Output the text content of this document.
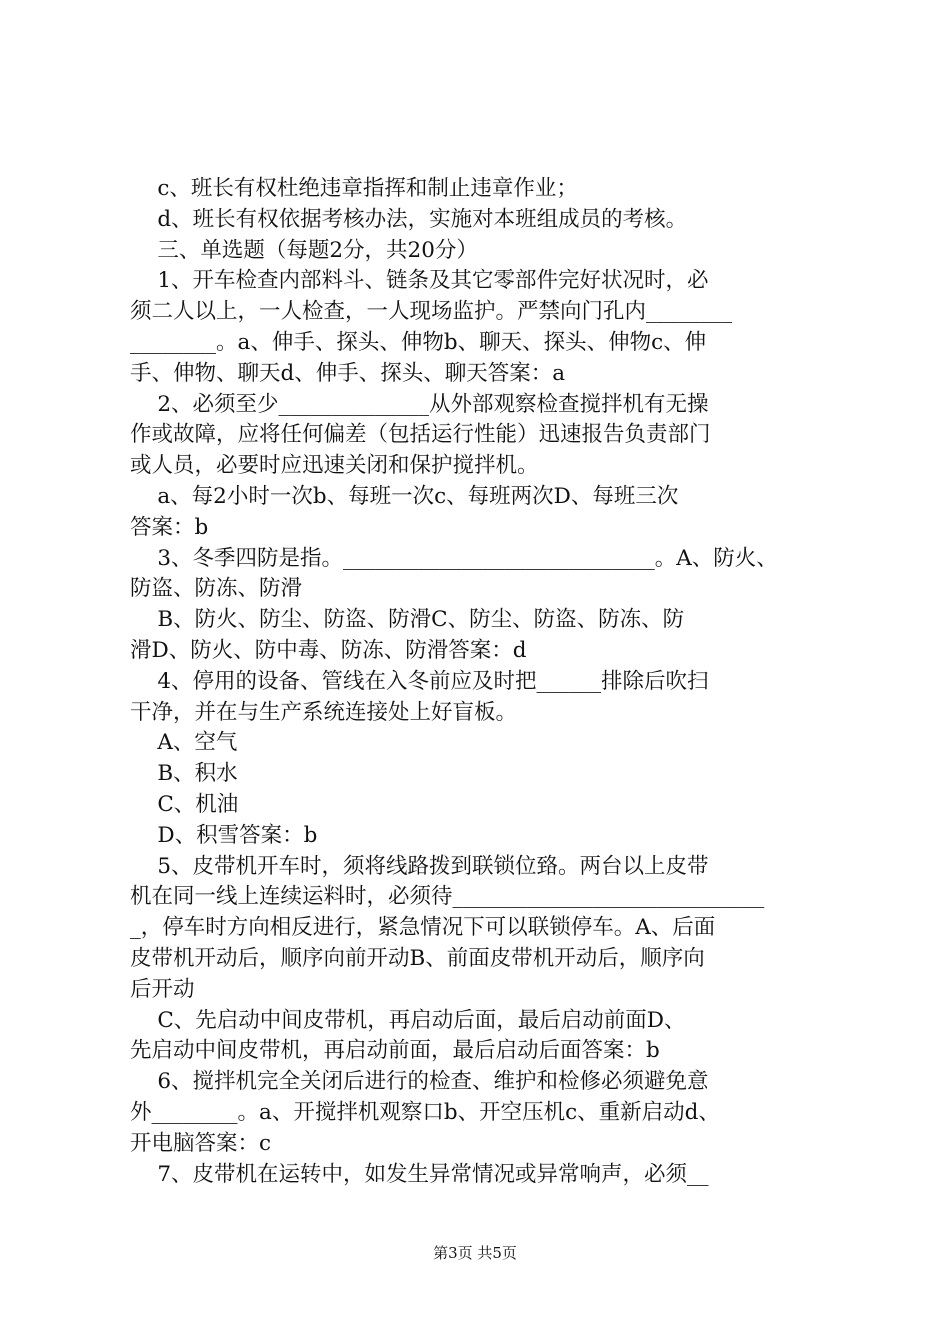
c、班长有权杜绝违章指挥和制止违章作业；
d、班长有权依据考核办法，实施对本班组成员的考核。
三、单选题（每题2分，共20分）
1、开车检查内部料斗、链条及其它零部件完好状况时，必
须二人以上，一人检查，一人现场监护。严禁向门孔内________
________。a、伸手、探头、伸物b、聊天、探头、伸物c、伸
手、伸物、聊天d、伸手、探头、聊天答案：a
2、必须至少______________从外部观察检查搅拌机有无操
作或故障，应将任何偏差（包括运行性能）迅速报告负责部门
或人员，必要时应迅速关闭和保护搅拌机。
a、每2小时一次b、每班一次c、每班两次D、每班三次
答案：b
3、冬季四防是指。_____________________________。A、防火、
防盗、防冻、防滑
B、防火、防尘、防盗、防滑C、防尘、防盗、防冻、防
滑D、防火、防中毒、防冻、防滑答案：d
4、停用的设备、管线在入冬前应及时把______排除后吹扫
干净，并在与生产系统连接处上好盲板。
A、空气
B、积水
C、机油
D、积雪答案：b
5、皮带机开车时，须将线路拨到联锁位臵。两台以上皮带
机在同一线上连续运料时，必须待_____________________________
_，停车时方向相反进行，紧急情况下可以联锁停车。A、后面
皮带机开动后，顺序向前开动B、前面皮带机开动后，顺序向
后开动
C、先启动中间皮带机，再启动后面，最后启动前面D、
先启动中间皮带机，再启动前面，最后启动后面答案：b
6、搅拌机完全关闭后进行的检查、维护和检修必须避免意
外________。a、开搅拌机观察口b、开空压机c、重新启动d、
开电脑答案：c
7、皮带机在运转中，如发生异常情况或异常响声，必须__
第3页 共5页
